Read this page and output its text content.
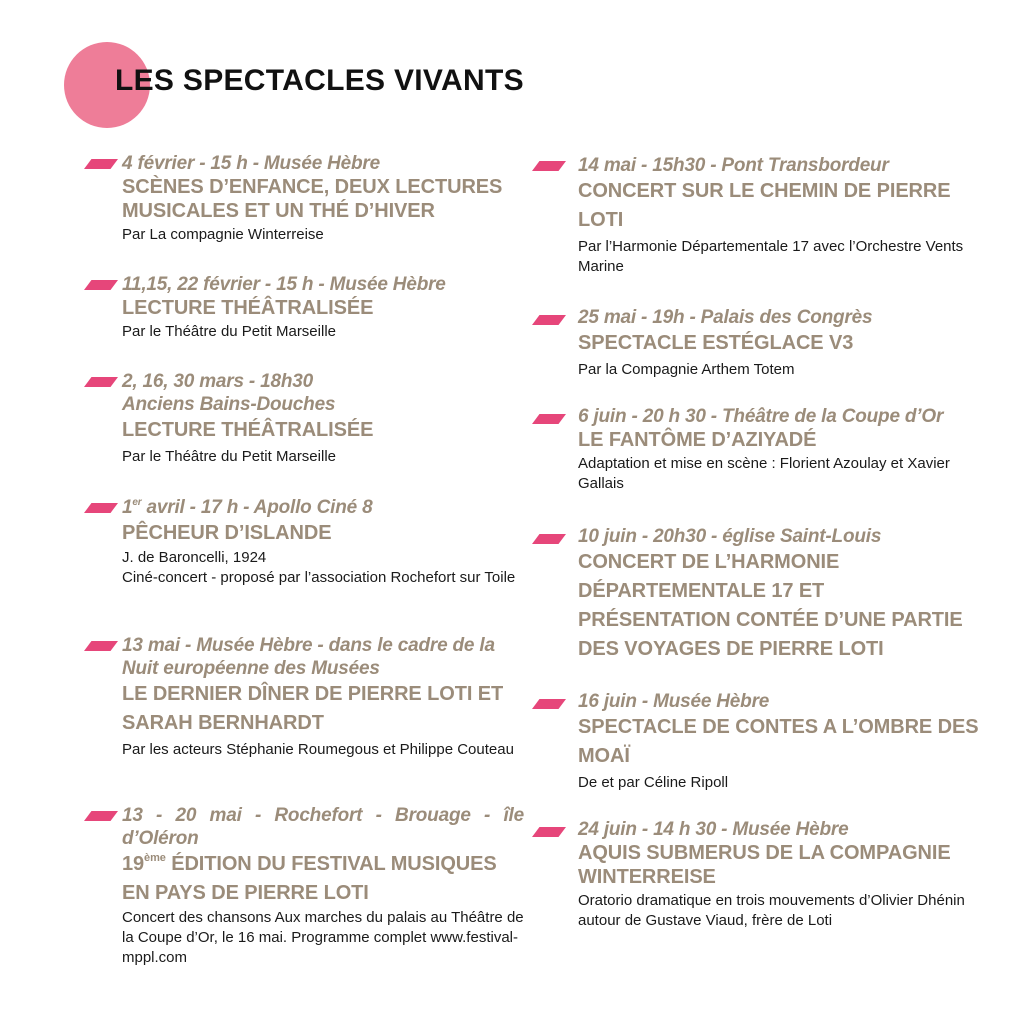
LES SPECTACLES VIVANTS

4 février - 15 h - Musée Hèbre

SCÈNES D’ENFANCE, DEUX LECTURES MUSICALES ET UN THÉ D’HIVER

Par La compagnie Winterreise

11,15, 22 février - 15 h - Musée Hèbre

LECTURE THÉÂTRALISÉE

Par le Théâtre du Petit Marseille

2, 16, 30 mars - 18h30

Anciens Bains-Douches

LECTURE THÉÂTRALISÉE

Par le Théâtre du Petit Marseille

1er avril - 17 h - Apollo Ciné 8

PÊCHEUR D’ISLANDE

J. de Baroncelli, 1924

Ciné-concert - proposé par l’association Rochefort sur Toile

13 mai - Musée Hèbre - dans le cadre de la Nuit européenne des Musées

LE DERNIER DÎNER DE PIERRE LOTI ET SARAH BERNHARDT

Par les acteurs Stéphanie Roumegous et Philippe Couteau

13 - 20 mai - Rochefort - Brouage - île d’Oléron

19ème ÉDITION DU FESTIVAL MUSIQUES EN PAYS DE PIERRE LOTI

Concert des chansons Aux marches du palais au Théâtre de la Coupe d’Or, le 16 mai. Programme complet www.festival-mppl.com

14 mai - 15h30 - Pont Transbordeur

CONCERT SUR LE CHEMIN DE PIERRE LOTI

Par l’Harmonie Départementale 17 avec l’Orchestre Vents Marine

25 mai - 19h - Palais des Congrès

SPECTACLE ESTÉGLACE V3

Par la Compagnie Arthem Totem

6 juin - 20 h 30 - Théâtre de la Coupe d’Or

LE FANTÔME D’AZIYADÉ

Adaptation et mise en scène : Florient Azoulay et Xavier Gallais

10 juin - 20h30 - église Saint-Louis

CONCERT DE L’HARMONIE DÉPARTEMENTALE 17 ET PRÉSENTATION CONTÉE D’UNE PARTIE DES VOYAGES DE PIERRE LOTI

16 juin - Musée Hèbre

SPECTACLE DE CONTES A L’OMBRE DES MOAÏ

De et par Céline Ripoll

24 juin - 14 h 30 - Musée Hèbre

AQUIS SUBMERUS DE LA COMPAGNIE WINTERREISE

Oratorio dramatique en trois mouvements d’Olivier Dhénin autour de Gustave Viaud, frère de Loti
